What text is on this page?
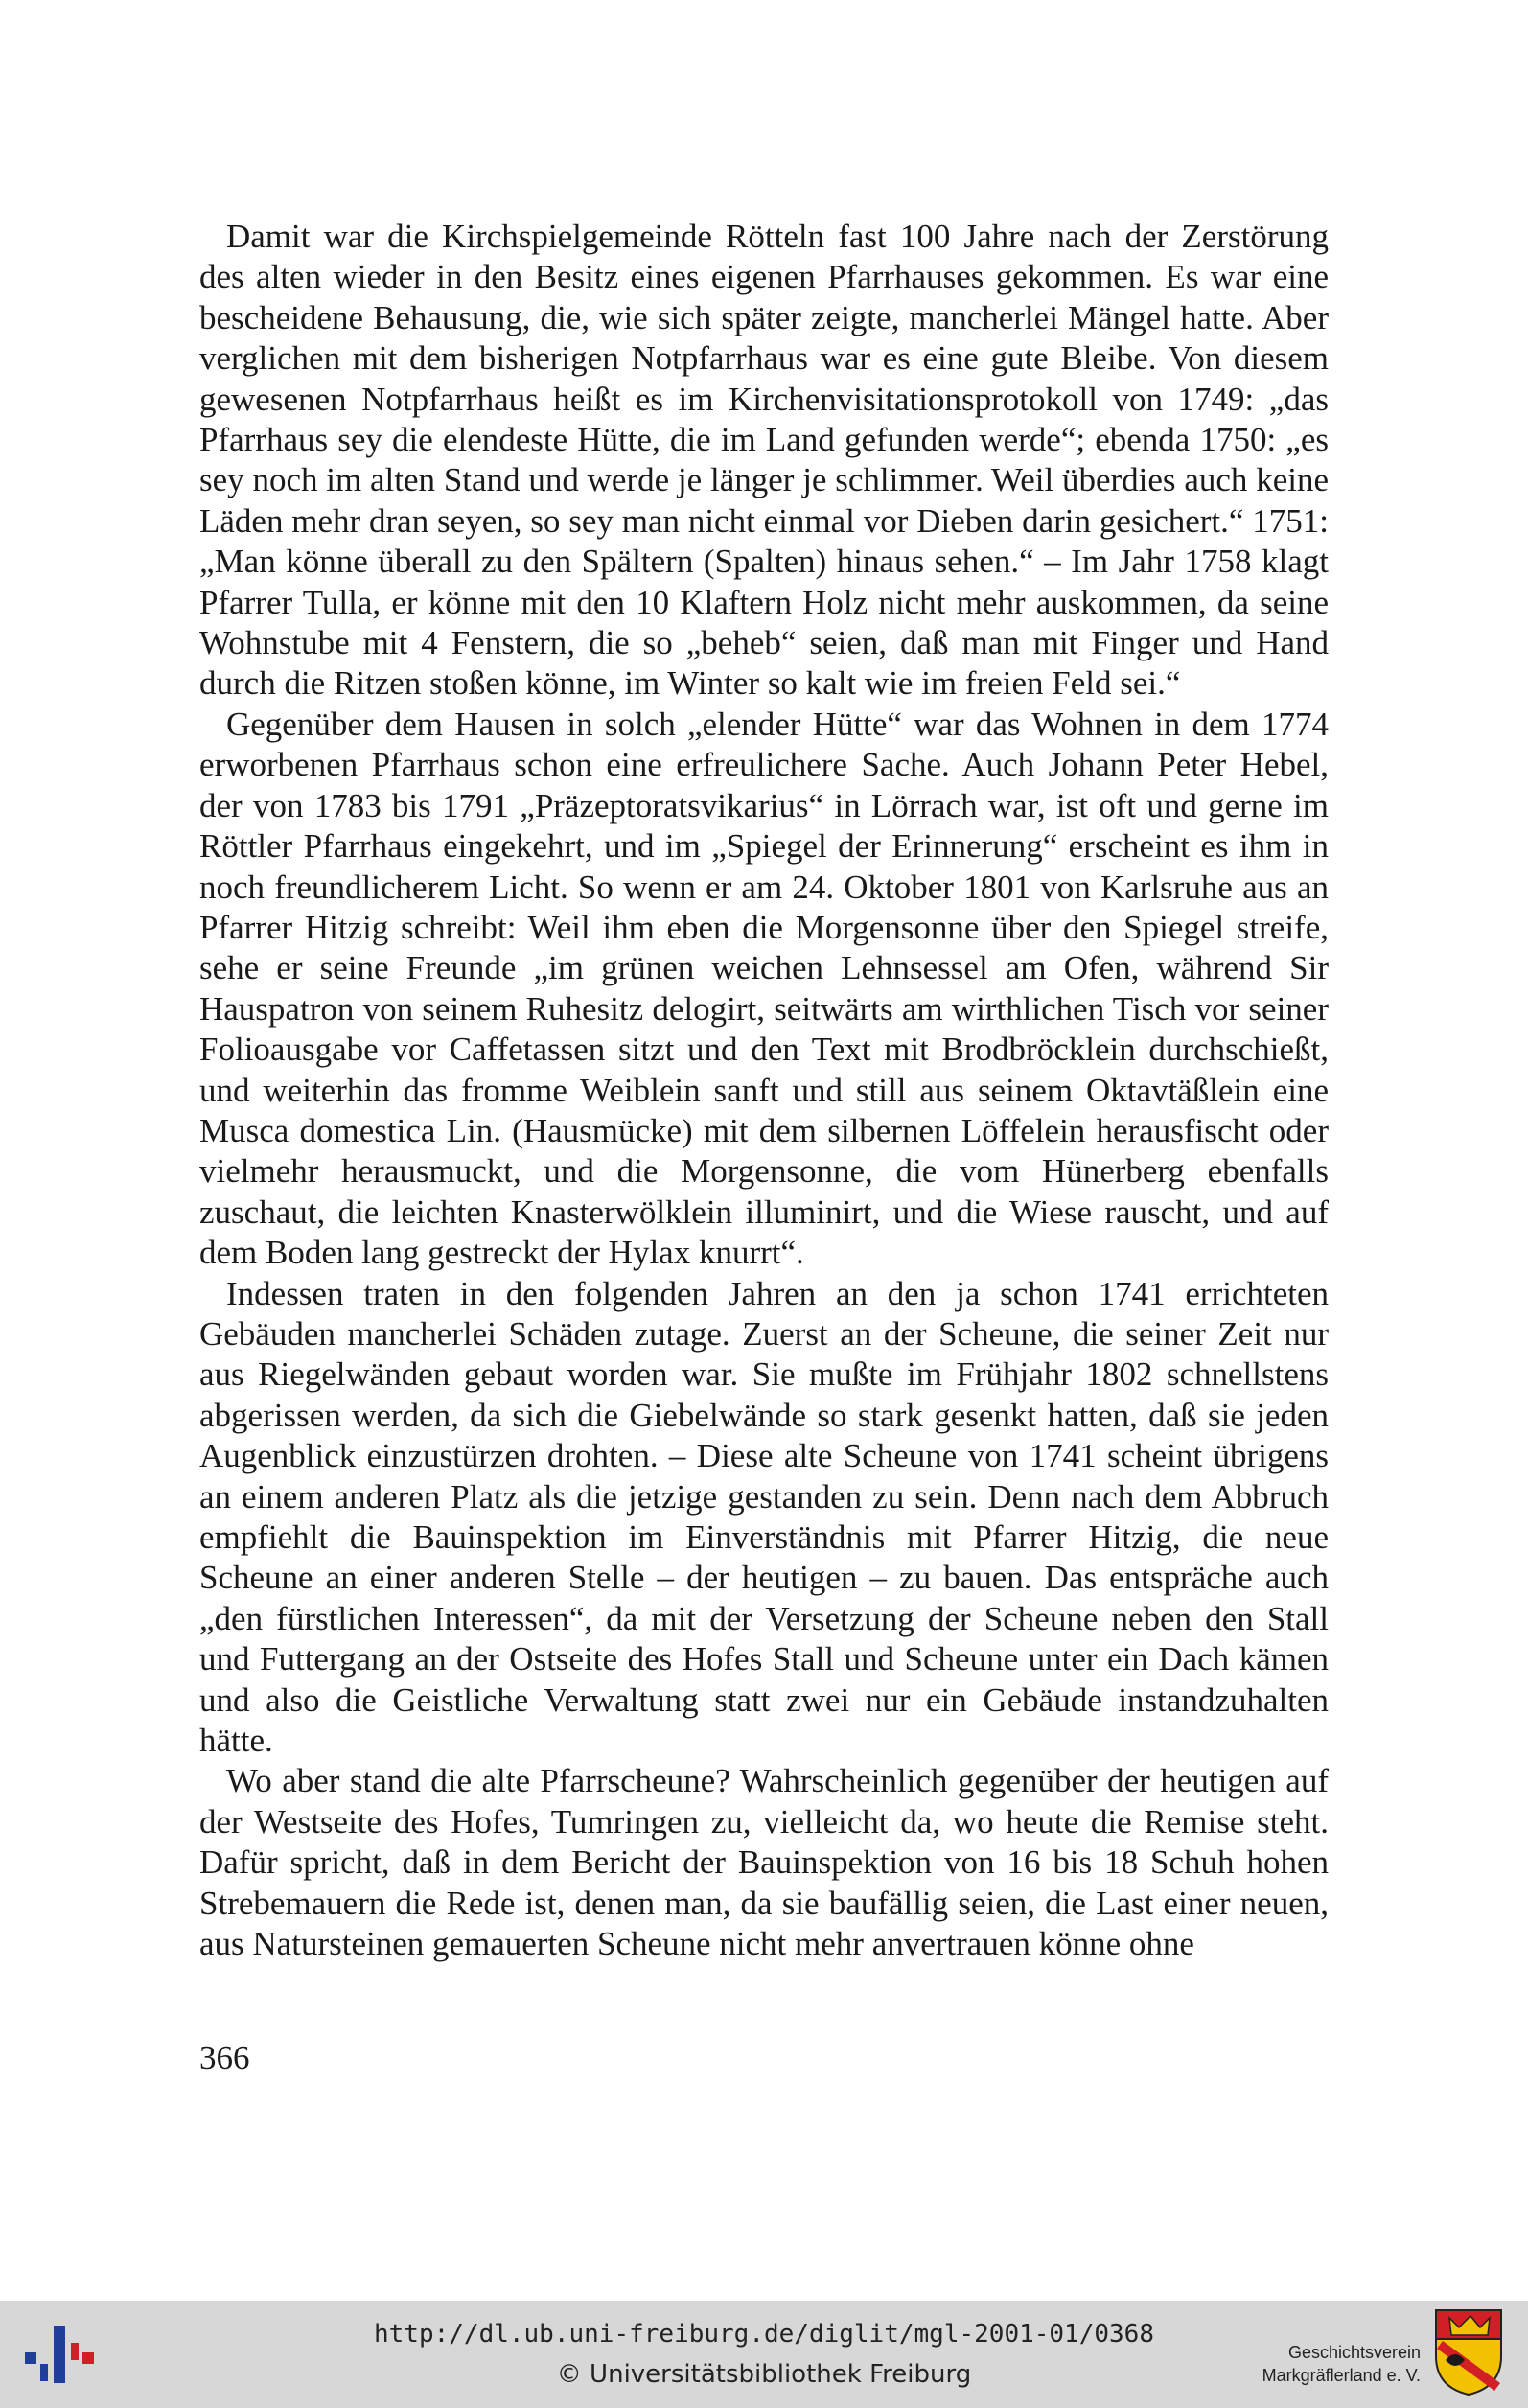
Damit war die Kirchspielgemeinde Rötteln fast 100 Jahre nach der Zerstörung des alten wieder in den Besitz eines eigenen Pfarrhauses gekommen. Es war eine bescheidene Behausung, die, wie sich später zeigte, mancherlei Mängel hatte. Aber verglichen mit dem bisherigen Notpfarrhaus war es eine gute Bleibe. Von diesem gewesenen Notpfarrhaus heißt es im Kirchenvisitationsprotokoll von 1749: „das Pfarrhaus sey die elendeste Hütte, die im Land gefunden werde“; ebenda 1750: „es sey noch im alten Stand und werde je länger je schlimmer. Weil überdies auch keine Läden mehr dran seyen, so sey man nicht einmal vor Dieben darin gesichert.“ 1751: „Man könne überall zu den Spältern (Spalten) hinaus sehen.“ – Im Jahr 1758 klagt Pfarrer Tulla, er könne mit den 10 Klaftern Holz nicht mehr auskommen, da seine Wohnstube mit 4 Fenstern, die so „beheb“ seien, daß man mit Finger und Hand durch die Ritzen stoßen könne, im Winter so kalt wie im freien Feld sei.“

Gegenüber dem Hausen in solch „elender Hütte“ war das Wohnen in dem 1774 erworbenen Pfarrhaus schon eine erfreulichere Sache. Auch Johann Peter Hebel, der von 1783 bis 1791 „Präzeptoratsvikarius“ in Lörrach war, ist oft und gerne im Röttler Pfarrhaus eingekehrt, und im „Spiegel der Erinnerung“ erscheint es ihm in noch freundlicherem Licht. So wenn er am 24. Oktober 1801 von Karlsruhe aus an Pfarrer Hitzig schreibt: Weil ihm eben die Morgensonne über den Spiegel streife, sehe er seine Freunde „im grünen weichen Lehnsessel am Ofen, während Sir Hauspatron von seinem Ruhesitz delogirt, seitwärts am wirthlichen Tisch vor seiner Folioausgabe vor Caffetassen sitzt und den Text mit Brodbröcklein durchschießt, und weiterhin das fromme Weiblein sanft und still aus seinem Oktavtäßlein eine Musca domestica Lin. (Hausmücke) mit dem silbernen Löffelein herausfischt oder vielmehr herausmuckt, und die Morgensonne, die vom Hünerberg ebenfalls zuschaut, die leichten Knasterwölklein illuminirt, und die Wiese rauscht, und auf dem Boden lang gestreckt der Hylax knurrt“.

Indessen traten in den folgenden Jahren an den ja schon 1741 errichteten Gebäuden mancherlei Schäden zutage. Zuerst an der Scheune, die seiner Zeit nur aus Riegelwänden gebaut worden war. Sie mußte im Frühjahr 1802 schnellstens abgerissen werden, da sich die Giebelwände so stark gesenkt hatten, daß sie jeden Augenblick einzustürzen drohten. – Diese alte Scheune von 1741 scheint übrigens an einem anderen Platz als die jetzige gestanden zu sein. Denn nach dem Abbruch empfiehlt die Bauinspektion im Einverständnis mit Pfarrer Hitzig, die neue Scheune an einer anderen Stelle – der heutigen – zu bauen. Das entspräche auch „den fürstlichen Interessen“, da mit der Versetzung der Scheune neben den Stall und Futtergang an der Ostseite des Hofes Stall und Scheune unter ein Dach kämen und also die Geistliche Verwaltung statt zwei nur ein Gebäude instandzuhalten hätte.

Wo aber stand die alte Pfarrscheune? Wahrscheinlich gegenüber der heutigen auf der Westseite des Hofes, Tumringen zu, vielleicht da, wo heute die Remise steht. Dafür spricht, daß in dem Bericht der Bauinspektion von 16 bis 18 Schuh hohen Strebemauern die Rede ist, denen man, da sie baufällig seien, die Last einer neuen, aus Natursteinen gemauerten Scheune nicht mehr anvertrauen könne ohne

366
http://dl.ub.uni-freiburg.de/diglit/mgl-2001-01/0368
© Universitätsbibliothek Freiburg
Geschichtsverein
Markgräflerland e. V.
